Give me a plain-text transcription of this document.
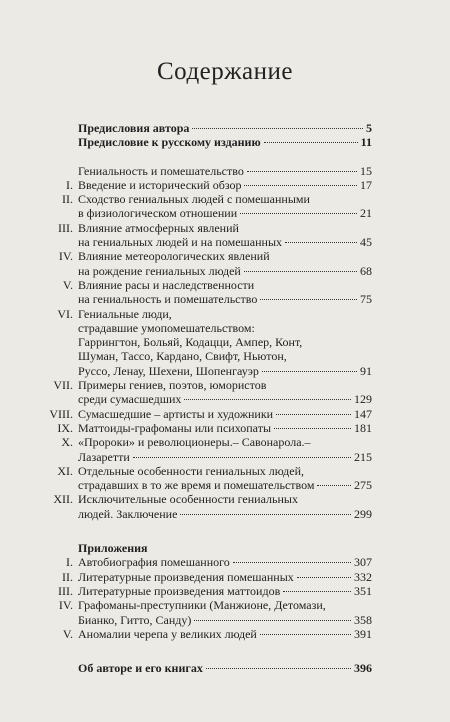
Содержание
Предисловия автора	5
Предисловие к русскому изданию	11
Гениальность и помешательство	15
I. Введение и исторический обзор	17
II. Сходство гениальных людей с помешанными
в физиологическом отношении	21
III. Влияние атмосферных явлений
на гениальных людей и на помешанных	45
IV. Влияние метеорологических явлений
на рождение гениальных людей	68
V. Влияние расы и наследственности
на гениальность и помешательство	75
VI. Гениальные люди,
страдавшие умопомешательством:
Гаррингтон, Больяй, Кодацци, Ампер, Конт,
Шуман, Тассо, Кардано, Свифт, Ньютон,
Руссо, Ленау, Шехени, Шопенгауэр	91
VII. Примеры гениев, поэтов, юмористов
среди сумасшедших	129
VIII. Сумасшедшие – артисты и художники	147
IX. Маттоиды-графоманы или психопаты	181
X. «Пророки» и революционеры.– Савонарола.–
Лазаретти	215
XI. Отдельные особенности гениальных людей,
страдавших в то же время и помешательством	275
XII. Исключительные особенности гениальных
людей. Заключение	299
Приложения
I. Автобиография помешанного	307
II. Литературные произведения помешанных	332
III. Литературные произведения маттоидов	351
IV. Графоманы-преступники (Манжионе, Детомази,
Бианко, Гитто, Санду)	358
V. Аномалии черепа у великих людей	391
Об авторе и его книгах	396
